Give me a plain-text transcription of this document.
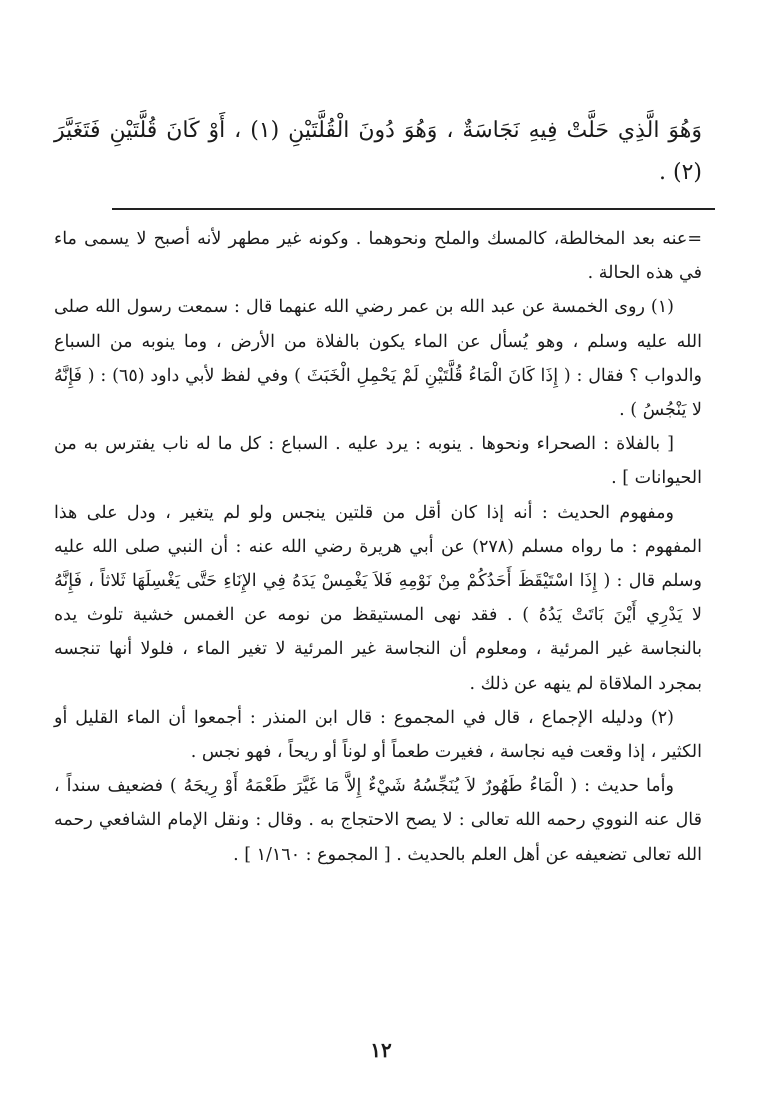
وَهُوَ الَّذِي حَلَّتْ فِيهِ نَجَاسَةٌ ، وَهُوَ دُونَ الْقُلَّتَيْنِ (١) ، أَوْ كَانَ قُلَّتَيْنِ فَتَغَيَّرَ (٢) .

=عنه بعد المخالطة، كالمسك والملح ونحوهما . وكونه غير مطهر لأنه أصبح لا يسمى ماء في هذه الحالة .

(١) روى الخمسة عن عبد الله بن عمر رضي الله عنهما قال : سمعت رسول الله صلى الله عليه وسلم ، وهو يُسأل عن الماء يكون بالفلاة من الأرض ، وما ينوبه من السباع والدواب ؟ فقال : ( إِذَا كَانَ الْمَاءُ قُلَّتَيْنِ لَمْ يَحْمِلِ الْخَبَثَ ) وفي لفظ لأبي داود (٦٥) : ( فَإِنَّهُ لا يَنْجُسُ ) .

[ بالفلاة : الصحراء ونحوها . ينوبه : يرد عليه . السباع : كل ما له ناب يفترس به من الحيوانات ] .

ومفهوم الحديث : أنه إذا كان أقل من قلتين ينجس ولو لم يتغير ، ودل على هذا المفهوم : ما رواه مسلم (٢٧٨) عن أبي هريرة رضي الله عنه : أن النبي صلى الله عليه وسلم قال : ( إِذَا اسْتَيْقَظَ أَحَدُكُمْ مِنْ نَوْمِهِ فَلاَ يَغْمِسْ يَدَهُ فِي الإِنَاءِ حَتَّى يَغْسِلَهَا ثَلاثاً ، فَإِنَّهُ لا يَدْرِي أَيْنَ بَاتَتْ يَدُهُ ) . فقد نهى المستيقظ من نومه عن الغمس خشية تلوث يده بالنجاسة غير المرئية ، ومعلوم أن النجاسة غير المرئية لا تغير الماء ، فلولا أنها تنجسه بمجرد الملاقاة لم ينهه عن ذلك .

(٢) ودليله الإجماع ، قال في المجموع : قال ابن المنذر : أجمعوا أن الماء القليل أو الكثير ، إذا وقعت فيه نجاسة ، فغيرت طعماً أو لوناً أو ريحاً ، فهو نجس .

وأما حديث : ( الْمَاءُ طَهُورٌ لاَ يُنَجِّسُهُ شَيْءٌ إِلاَّ مَا غَيَّرَ طَعْمَهُ أَوْ رِيحَهُ ) فضعيف سنداً ، قال عنه النووي رحمه الله تعالى : لا يصح الاحتجاج به . وقال : ونقل الإمام الشافعي رحمه الله تعالى تضعيفه عن أهل العلم بالحديث . [ المجموع : ١/١٦٠ ] .

١٢
